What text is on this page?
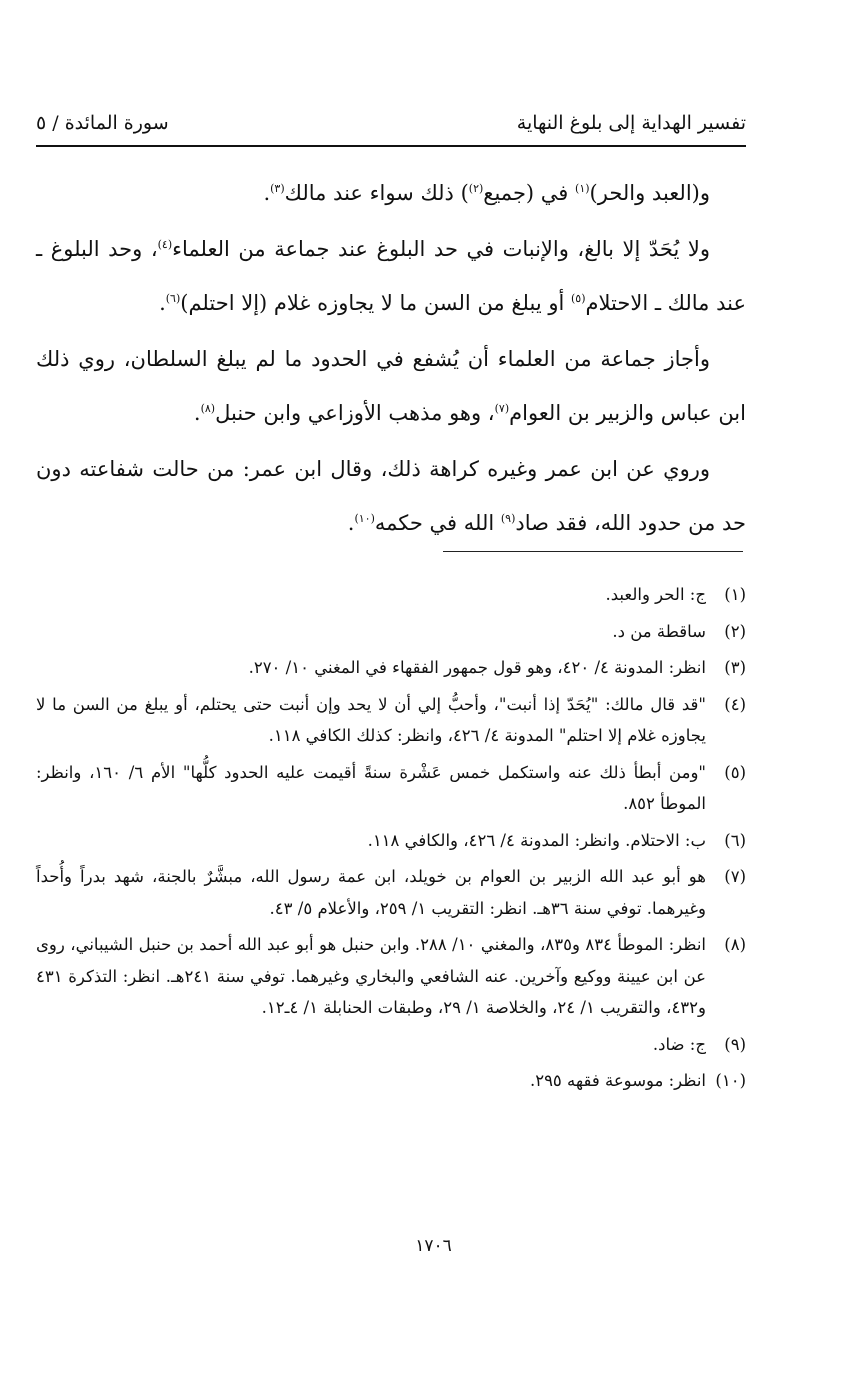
تفسير الهداية إلى بلوغ النهاية
سورة المائدة / ٥

و(العبد والحر)$^{(١)}$ في (جميع$^{(٢)}$) ذلك سواء عند مالك$^{(٣)}$.

ولا يُحَدّ إلا بالغ، والإنبات في حد البلوغ عند جماعة من العلماء$^{(٤)}$، وحد البلوغ ـ عند مالك ـ الاحتلام$^{(٥)}$ أو يبلغ من السن ما لا يجاوزه غلام (إلا احتلم)$^{(٦)}$.

وأجاز جماعة من العلماء أن يُشفع في الحدود ما لم يبلغ السلطان، روي ذلك ابن عباس والزبير بن العوام$^{(٧)}$، وهو مذهب الأوزاعي وابن حنبل$^{(٨)}$.

وروي عن ابن عمر وغيره كراهة ذلك، وقال ابن عمر: من حالت شفاعته دون حد من حدود الله، فقد صاد$^{(٩)}$ الله في حكمه$^{(١٠)}$.

(١)
ج: الحر والعبد.
(٢)
ساقطة من د.
(٣)
انظر: المدونة ٤/ ٤٢٠، وهو قول جمهور الفقهاء في المغني ١٠/ ٢٧٠.
(٤)
"قد قال مالك: "يُحَدّ إذا أنبت"، وأحبُّ إلي أن لا يحد وإن أنبت حتى يحتلم، أو يبلغ من السن ما لا يجاوزه غلام إلا احتلم" المدونة ٤/ ٤٢٦، وانظر: كذلك الكافي ١١٨.
(٥)
"ومن أبطأ ذلك عنه واستكمل خمس عَشْرة سنةً أقيمت عليه الحدود كلُّها" الأم ٦/ ١٦٠، وانظر: الموطأ ٨٥٢.
(٦)
ب: الاحتلام. وانظر: المدونة ٤/ ٤٢٦، والكافي ١١٨.
(٧)
هو أبو عبد الله الزبير بن العوام بن خويلد، ابن عمة رسول الله، مبشَّرٌ بالجنة، شهد بدراً وأُحداً وغيرهما. توفي سنة ٣٦هـ. انظر: التقريب ١/ ٢٥٩، والأعلام ٥/ ٤٣.
(٨)
انظر: الموطأ ٨٣٤ و٨٣٥، والمغني ١٠/ ٢٨٨. وابن حنبل هو أبو عبد الله أحمد بن حنبل الشيباني، روى عن ابن عيينة ووكيع وآخرين. عنه الشافعي والبخاري وغيرهما. توفي سنة ٢٤١هـ. انظر: التذكرة ٤٣١ و٤٣٢، والتقريب ١/ ٢٤، والخلاصة ١/ ٢٩، وطبقات الحنابلة ١/ ٤ـ١٢.
(٩)
ج: ضاد.
(١٠)
انظر: موسوعة فقهه ٢٩٥.
١٧٠٦
